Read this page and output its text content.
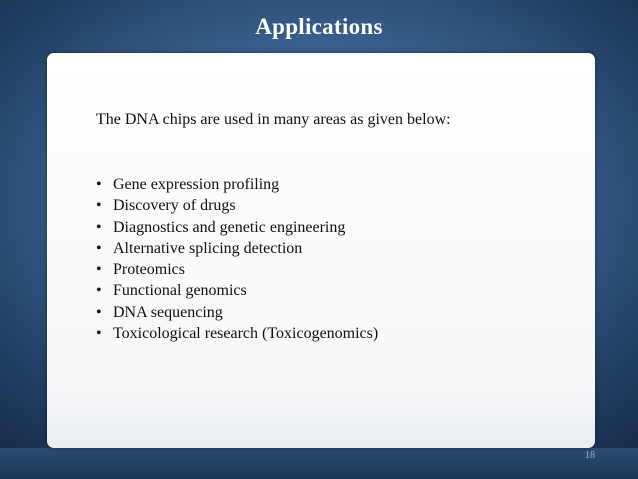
Applications

The DNA chips are used in many areas as given below:

• Gene expression profiling
• Discovery of drugs
• Diagnostics and genetic engineering
• Alternative splicing detection
• Proteomics
• Functional genomics
• DNA sequencing
• Toxicological research (Toxicogenomics)
18
